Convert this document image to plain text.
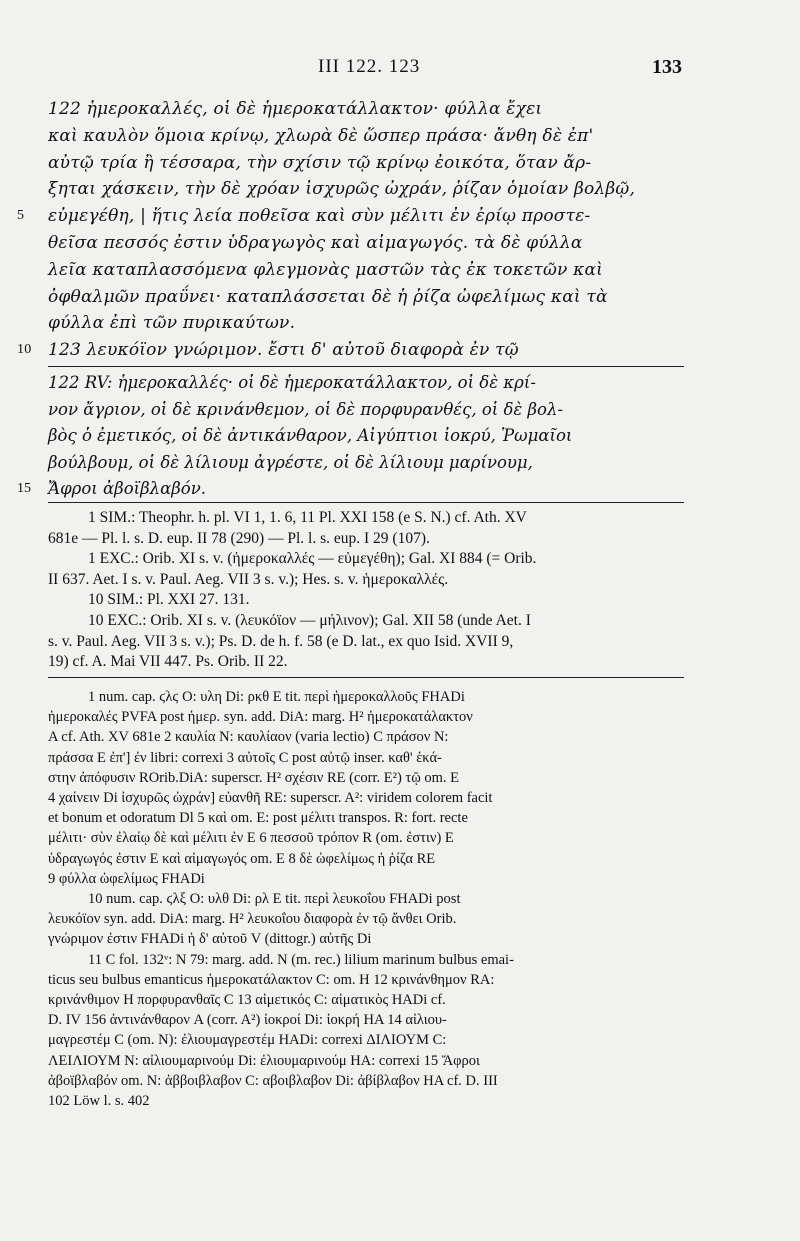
III 122. 123	133
122 ἡμεροκαλλές, οἱ δὲ ἡμεροκατάλλακτον· φύλλα ἔχει
καὶ καυλὸν ὅμοια κρίνῳ, χλωρὰ δὲ ὥσπερ πράσα· ἄνθη δὲ ἐπ'
αὐτῷ τρία ἢ τέσσαρα, τὴν σχίσιν τῷ κρίνῳ ἐοικότα, ὅταν ἄρ-
ξηται χάσκειν, τὴν δὲ χρόαν ἰσχυρῶς ὠχράν, ῥίζαν ὁμοίαν βολβῷ,
5 εὐμεγέθη, | ἥτις λεία ποθεῖσα καὶ σὺν μέλιτι ἐν ἐρίῳ προστε-
θεῖσα πεσσός ἐστιν ὑδραγωγὸς καὶ αἱμαγωγός. τὰ δὲ φύλλα
λεῖα καταπλασσόμενα φλεγμονὰς μαστῶν τὰς ἐκ τοκετῶν καὶ
ὀφθαλμῶν πραΰνει· καταπλάσσεται δὲ ἡ ῥίζα ὠφελίμως καὶ τὰ
φύλλα ἐπὶ τῶν πυρικαύτων.
10 123 λευκόϊον γνώριμον. ἔστι δ' αὐτοῦ διαφορὰ ἐν τῷ
122 RV: ἡμεροκαλλές· οἱ δὲ ἡμεροκατάλλακτον, οἱ δὲ κρί-
νον ἄγριον, οἱ δὲ κρινάνθεμον, οἱ δὲ πορφυρανθές, οἱ δὲ βολ-
βὸς ὁ ἐμετικός, οἱ δὲ ἀντικάνθαρον, Αἰγύπτιοι ἰοκρύ, Ῥωμαῖοι
βούλβουμ, οἱ δὲ λίλιουμ ἀγρέστε, οἱ δὲ λίλιουμ μαρίνουμ,
15 Ἄφροι ἀβοϊβλαβόν.
1 SIM.: Theophr. h. pl. VI 1, 1. 6, 11 Pl. XXI 158 (e S. N.) cf. Ath. XV
681e — Pl. l. s. D. eup. II 78 (290) — Pl. l. s. eup. I 29 (107).
1 EXC.: Orib. XI s. v. (ἡμεροκαλλές — εὐμεγέθη); Gal. XI 884 (= Orib.
II 637. Aet. I s. v. Paul. Aeg. VII 3 s. v.); Hes. s. v. ἡμεροκαλλές.
10 SIM.: Pl. XXI 27. 131.
10 EXC.: Orib. XI s. v. (λευκόϊον — μήλινον); Gal. XII 58 (unde Aet. I
s. v. Paul. Aeg. VII 3 s. v.); Ps. D. de h. f. 58 (e D. lat., ex quo Isid. XVII 9,
19) cf. A. Mai VII 447. Ps. Orib. II 22.
1 num. cap. ϛλϛ O: υλη Di: ρκθ E tit. περὶ ἡμεροκαλλοῦς FHADi
ἡμεροκαλές PVFA post ἡμερ. syn. add. DiA: marg. H² ἡμεροκατάλακτον
A cf. Ath. XV 681e 2 καυλία N: καυλίαον (varia lectio) C πράσον N:
πράσσα E ἐπ'] ἐν libri: correxi 3 αὐτοῖς C post αὐτῷ inser. καθ' ἑκά-
στην ἀπόφυσιν ROrib.DiA: superscr. H² σχέσιν RE (corr. E²) τῷ om. E
4 χαίνειν Di ἰσχυρῶς ὠχράν] εὐανθῆ RE: superscr. A²: viridem colorem facit
et bonum et odoratum Dl 5 καὶ om. E: post μέλιτι transpos. R: fort. recte
μέλιτι· σὺν ἐλαίῳ δὲ καὶ μέλιτι ἐν E 6 πεσσοῦ τρόπον R (om. ἐστιν) E
ὑδραγωγός ἐστιν E καὶ αἱμαγωγός om. E 8 δὲ ὠφελίμως ἡ ῥίζα RE
9 φύλλα ὠφελίμως FHADi
10 num. cap. ϛλξ O: υλθ Di: ρλ E tit. περὶ λευκοΐου FHADi post
λευκόϊον syn. add. DiA: marg. H² λευκοΐου διαφορὰ ἐν τῷ ἄνθει Orib.
γνώριμον ἐστιν FHADi ἡ δ' αὐτοῦ V (dittogr.) αὐτῆς Di
11 C fol. 132ᵛ: N 79: marg. add. N (m. rec.) lilium marinum bulbus emai-
ticus seu bulbus emanticus ἡμεροκατάλακτον C: om. H 12 κρινάνθημον RA:
κρινάνθιμον H πορφυρανθαῖς C 13 αἱμετικός C: αἱματικὸς HADi cf.
D. IV 156 ἀντινάνθαρον A (corr. A²) ἰοκροί Di: ἰοκρή HA 14 αἰλιου-
μαγρεστέμ C (om. N): ἐλιουμαγρεστέμ HADi: correxi ΔΙΛΙΟΥΜ C:
ΛΕΙΛΙΟΥΜ N: αἰλιουμαρινούμ Di: ἐλιουμαρινούμ HA: correxi 15 Ἄφροι
ἀβοϊβλαβόν om. N: ἀββοιβλαβον C: αβοιβλαβον Di: ἀβίβλαβον HA cf. D. III
102 Löw l. s. 402
